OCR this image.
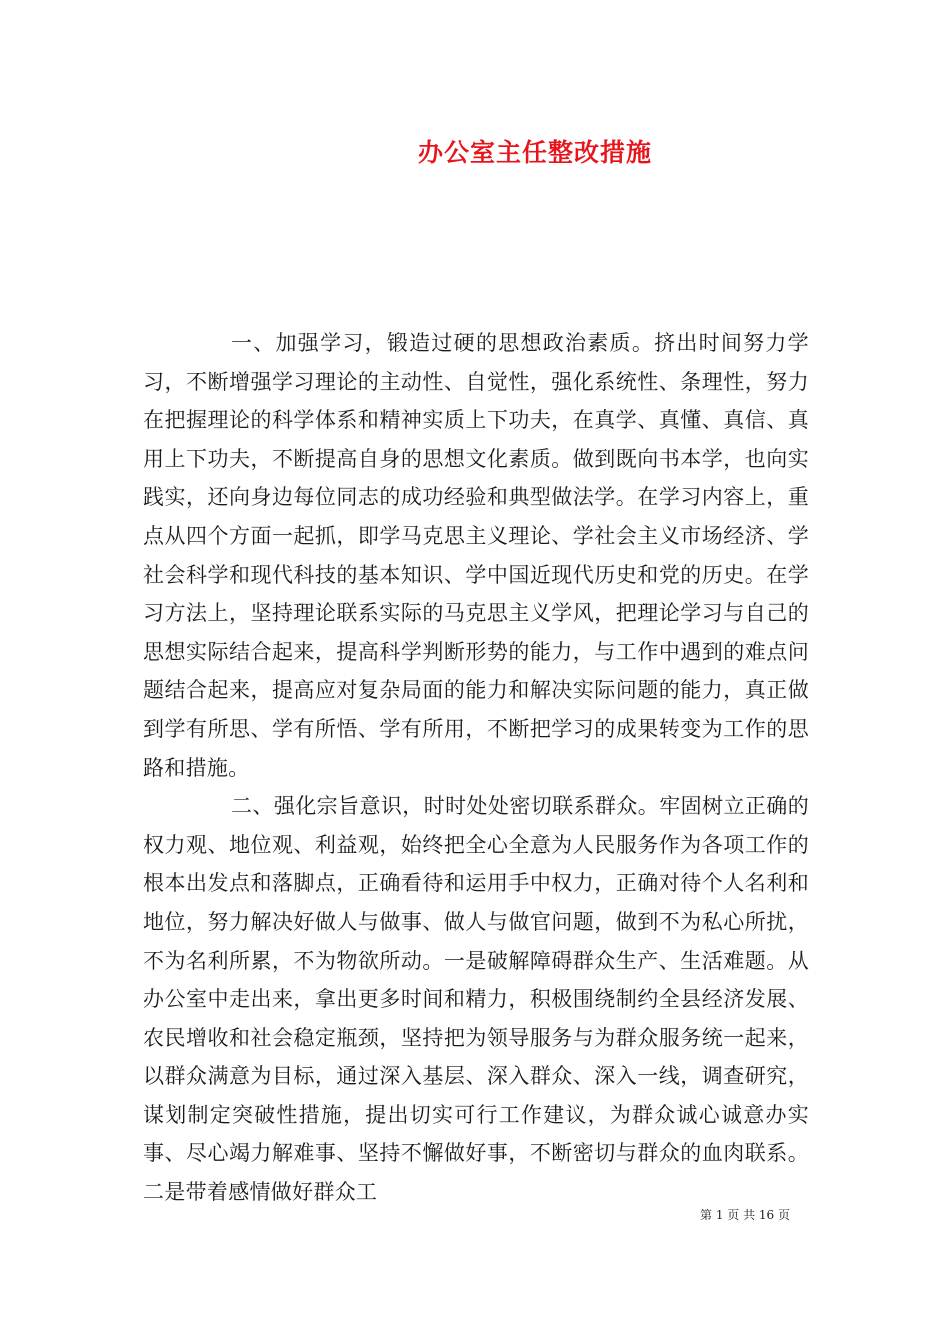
办公室主任整改措施

一、加强学习，锻造过硬的思想政治素质。挤出时间努力学习，不断增强学习理论的主动性、自觉性，强化系统性、条理性，努力在把握理论的科学体系和精神实质上下功夫，在真学、真懂、真信、真用上下功夫，不断提高自身的思想文化素质。做到既向书本学，也向实践实，还向身边每位同志的成功经验和典型做法学。在学习内容上，重点从四个方面一起抓，即学马克思主义理论、学社会主义市场经济、学社会科学和现代科技的基本知识、学中国近现代历史和党的历史。在学习方法上，坚持理论联系实际的马克思主义学风，把理论学习与自己的思想实际结合起来，提高科学判断形势的能力，与工作中遇到的难点问题结合起来，提高应对复杂局面的能力和解决实际问题的能力，真正做到学有所思、学有所悟、学有所用，不断把学习的成果转变为工作的思路和措施。

二、强化宗旨意识，时时处处密切联系群众。牢固树立正确的权力观、地位观、利益观，始终把全心全意为人民服务作为各项工作的根本出发点和落脚点，正确看待和运用手中权力，正确对待个人名利和地位，努力解决好做人与做事、做人与做官问题，做到不为私心所扰，不为名利所累，不为物欲所动。一是破解障碍群众生产、生活难题。从办公室中走出来，拿出更多时间和精力，积极围绕制约全县经济发展、农民增收和社会稳定瓶颈，坚持把为领导服务与为群众服务统一起来，以群众满意为目标，通过深入基层、深入群众、深入一线，调查研究，谋划制定突破性措施，提出切实可行工作建议，为群众诚心诚意办实事、尽心竭力解难事、坚持不懈做好事，不断密切与群众的血肉联系。二是带着感情做好群众工

第 1 页 共 16 页
